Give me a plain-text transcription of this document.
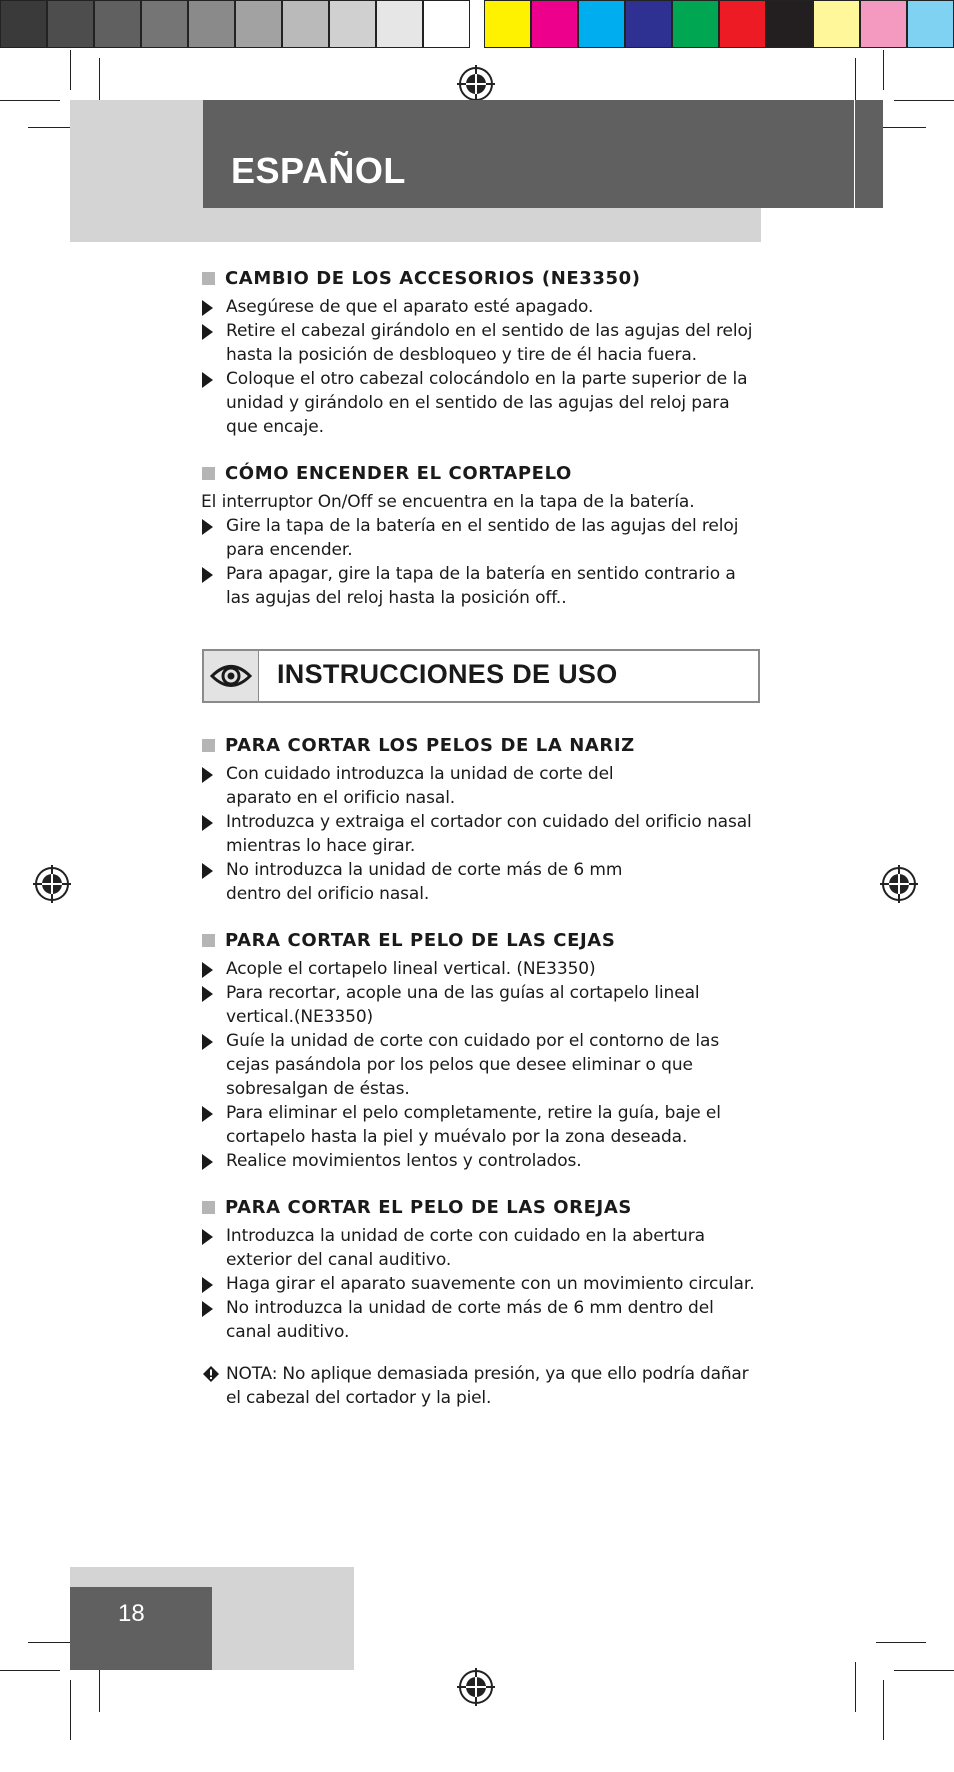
ESPAÑOL
CAMBIO DE LOS ACCESORIOS (NE3350)
Asegúrese de que el aparato esté apagado.
Retire el cabezal girándolo en el sentido de las agujas del reloj hasta la posición de desbloqueo y tire de él hacia fuera.
Coloque el otro cabezal colocándolo en la parte superior de la unidad y girándolo en el sentido de las agujas del reloj para que encaje.
CÓMO ENCENDER EL CORTAPELO

El interruptor On/Off se encuentra en la tapa de la batería.

Gire la tapa de la batería en el sentido de las agujas del reloj para encender.
Para apagar, gire la tapa de la batería en sentido contrario a las agujas del reloj hasta la posición off..
INSTRUCCIONES DE USO
PARA CORTAR LOS PELOS DE LA NARIZ
Con cuidado introduzca la unidad de corte del aparato en el orificio nasal.
Introduzca y extraiga el cortador con cuidado del orificio nasal mientras lo hace girar.
No introduzca la unidad de corte más de 6 mm dentro del orificio nasal.
PARA CORTAR EL PELO DE LAS CEJAS
Acople el cortapelo lineal vertical. (NE3350)
Para recortar, acople una de las guías al cortapelo lineal vertical.(NE3350)
Guíe la unidad de corte con cuidado por el contorno de las cejas pasándola por los pelos que desee eliminar o que sobresalgan de éstas.
Para eliminar el pelo completamente, retire la guía, baje el cortapelo hasta la piel y muévalo por la zona deseada.
Realice movimientos lentos y controlados.
PARA CORTAR EL PELO DE LAS OREJAS
Introduzca la unidad de corte con cuidado en la abertura exterior del canal auditivo.
Haga girar el aparato suavemente con un movimiento circular.
No introduzca la unidad de corte más de 6 mm dentro del canal auditivo.

NOTA: No aplique demasiada presión, ya que ello podría dañar el cabezal del cortador y la piel.

18
